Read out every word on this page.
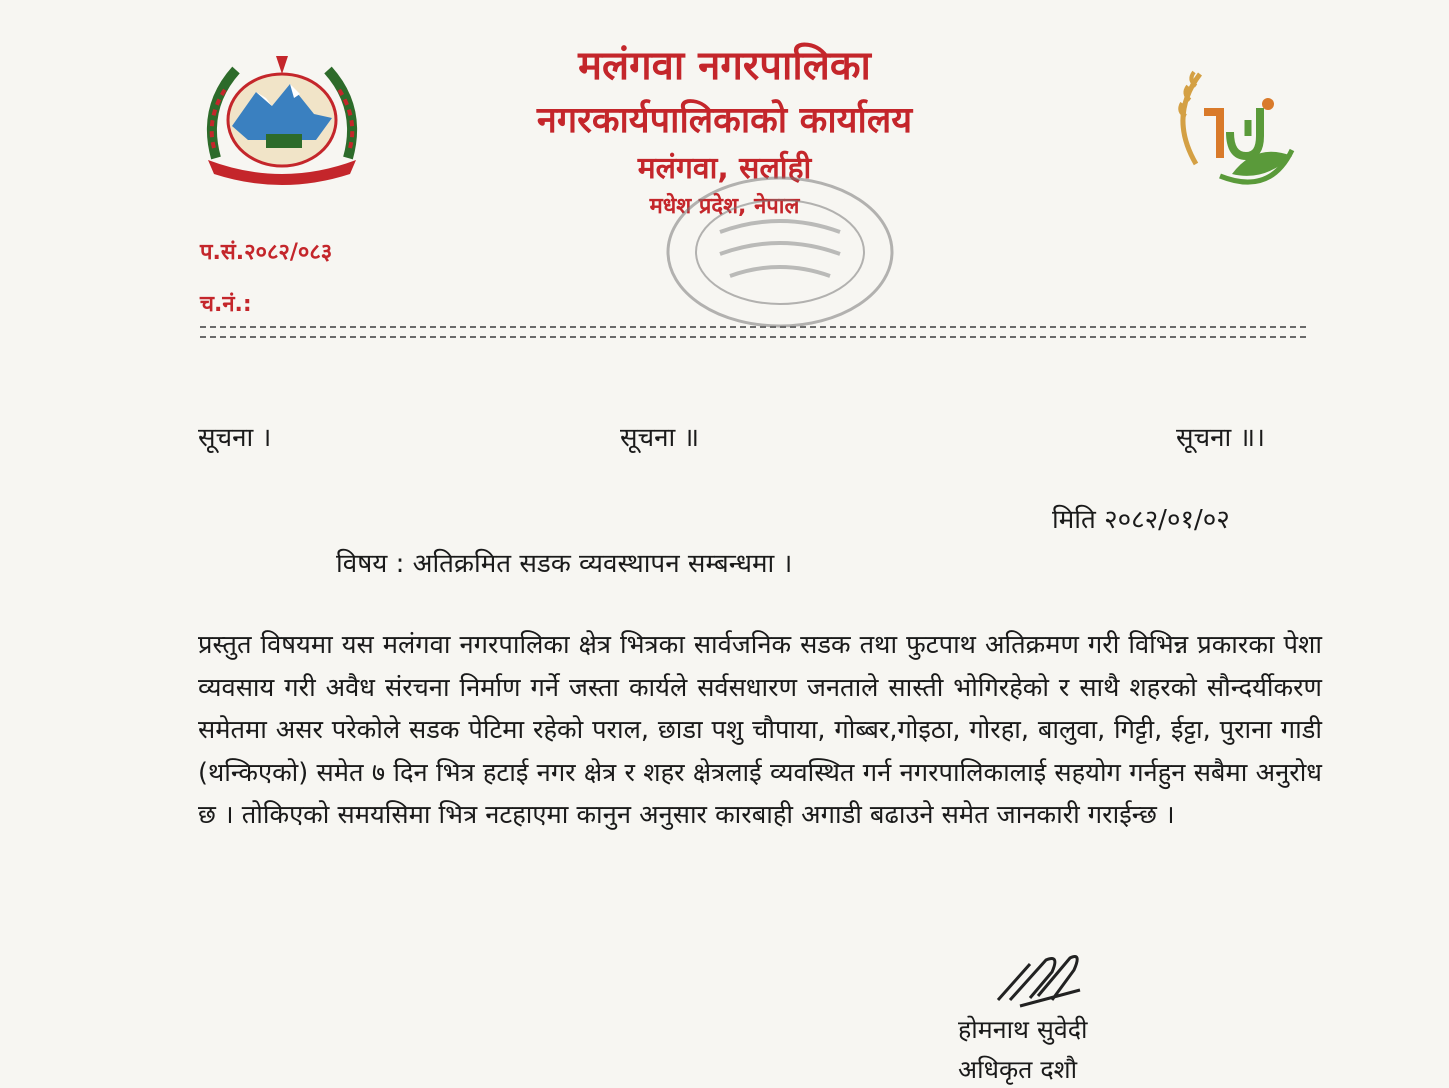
मलंगवा नगरपालिका
नगरकार्यपालिकाको कार्यालय
मलंगवा, सर्लाही
मधेश प्रदेश, नेपाल
प.सं.२०८२/०८३
च.नं.:
सूचना ।	सूचना ॥	सूचना ॥।
मिति २०८२/०१/०२
विषय : अतिक्रमित सडक व्यवस्थापन सम्बन्धमा ।
प्रस्तुत विषयमा यस मलंगवा नगरपालिका क्षेत्र भित्रका सार्वजनिक सडक तथा फुटपाथ अतिक्रमण गरी विभिन्न प्रकारका पेशा व्यवसाय गरी अवैध संरचना निर्माण गर्ने जस्ता कार्यले सर्वसधारण जनताले सास्ती भोगिरहेको र साथै शहरको सौन्दर्यीकरण समेतमा असर परेकोले सडक पेटिमा रहेको पराल, छाडा पशु चौपाया, गोब्बर,गोइठा, गोरहा, बालुवा, गिट्टी, ईट्टा, पुराना गाडी (थन्किएको) समेत ७ दिन भित्र हटाई नगर क्षेत्र र शहर क्षेत्रलाई व्यवस्थित गर्न नगरपालिकालाई सहयोग गर्नहुन सबैमा अनुरोध छ । तोकिएको समयसिमा भित्र नटहाएमा कानुन अनुसार कारबाही अगाडी बढाउने समेत जानकारी गराईन्छ ।
होमनाथ सुवेदी
अधिकृत दशौ
